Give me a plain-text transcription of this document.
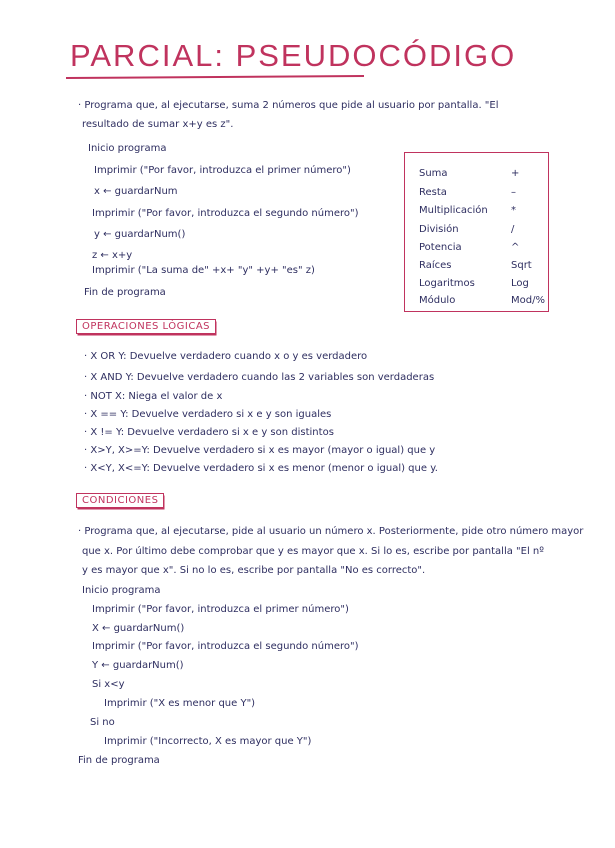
PARCIAL: PSEUDOCÓDIGO
· Programa que, al ejecutarse, suma 2 números que pide al usuario por pantalla. "El
resultado de sumar x+y es z".
Inicio programa
Imprimir ("Por favor, introduzca el primer número")
x ← guardarNum
Imprimir ("Por favor, introduzca el segundo número")
y ← guardarNum()
z ← x+y
Imprimir ("La suma de" +x+ "y" +y+ "es" z)
Fin de programa
Suma	+
Resta	–
Multiplicación *
División	/
Potencia	^
Raíces	Sqrt
Logaritmos	Log
Módulo	Mod/%
OPERACIONES LÓGICAS
· X OR Y: Devuelve verdadero cuando x o y es verdadero
· X AND Y: Devuelve verdadero cuando las 2 variables son verdaderas
· NOT X: Niega el valor de x
· X == Y: Devuelve verdadero si x e y son iguales
· X != Y: Devuelve verdadero si x e y son distintos
· X>Y, X>=Y: Devuelve verdadero si x es mayor (mayor o igual) que y
· X<Y, X<=Y: Devuelve verdadero si x es menor (menor o igual) que y.
CONDICIONES
· Programa que, al ejecutarse, pide al usuario un número x. Posteriormente, pide otro número mayor
que x. Por último debe comprobar que y es mayor que x. Si lo es, escribe por pantalla "El nº
y es mayor que x". Si no lo es, escribe por pantalla "No es correcto".
Inicio programa
Imprimir ("Por favor, introduzca el primer número")
X ← guardarNum()
Imprimir ("Por favor, introduzca el segundo número")
Y ← guardarNum()
Si x<y
Imprimir ("X es menor que Y")
Si no
Imprimir ("Incorrecto, X es mayor que Y")
Fin de programa
